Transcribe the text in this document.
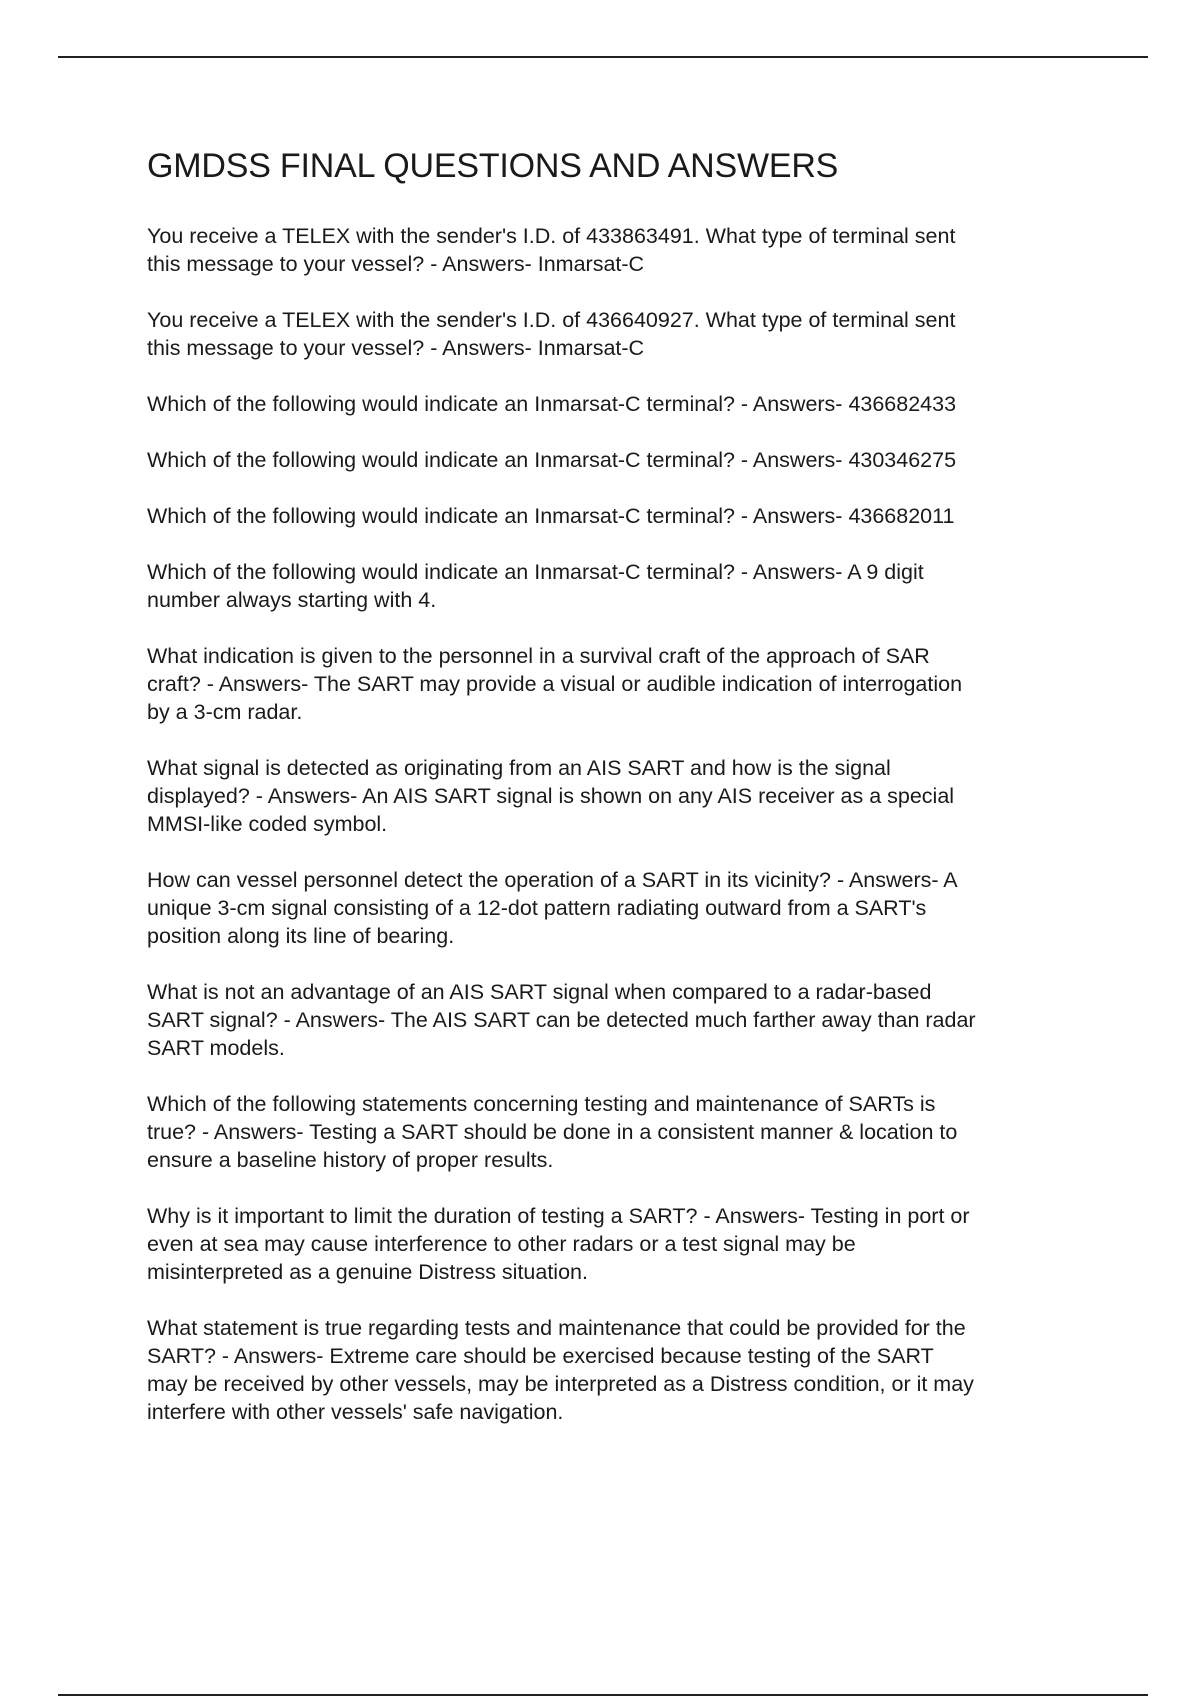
GMDSS FINAL QUESTIONS AND ANSWERS
You receive a TELEX with the sender's I.D. of 433863491. What type of terminal sent
this message to your vessel? - Answers- Inmarsat-C
You receive a TELEX with the sender's I.D. of 436640927. What type of terminal sent
this message to your vessel? - Answers- Inmarsat-C
Which of the following would indicate an Inmarsat-C terminal? - Answers- 436682433
Which of the following would indicate an Inmarsat-C terminal? - Answers- 430346275
Which of the following would indicate an Inmarsat-C terminal? - Answers- 436682011
Which of the following would indicate an Inmarsat-C terminal? - Answers- A 9 digit
number always starting with 4.
What indication is given to the personnel in a survival craft of the approach of SAR
craft? - Answers- The SART may provide a visual or audible indication of interrogation
by a 3-cm radar.
What signal is detected as originating from an AIS SART and how is the signal
displayed? - Answers- An AIS SART signal is shown on any AIS receiver as a special
MMSI-like coded symbol.
How can vessel personnel detect the operation of a SART in its vicinity? - Answers- A
unique 3-cm signal consisting of a 12-dot pattern radiating outward from a SART's
position along its line of bearing.
What is not an advantage of an AIS SART signal when compared to a radar-based
SART signal? - Answers- The AIS SART can be detected much farther away than radar
SART models.
Which of the following statements concerning testing and maintenance of SARTs is
true? - Answers- Testing a SART should be done in a consistent manner & location to
ensure a baseline history of proper results.
Why is it important to limit the duration of testing a SART? - Answers- Testing in port or
even at sea may cause interference to other radars or a test signal may be
misinterpreted as a genuine Distress situation.
What statement is true regarding tests and maintenance that could be provided for the
SART? - Answers- Extreme care should be exercised because testing of the SART
may be received by other vessels, may be interpreted as a Distress condition, or it may
interfere with other vessels' safe navigation.
